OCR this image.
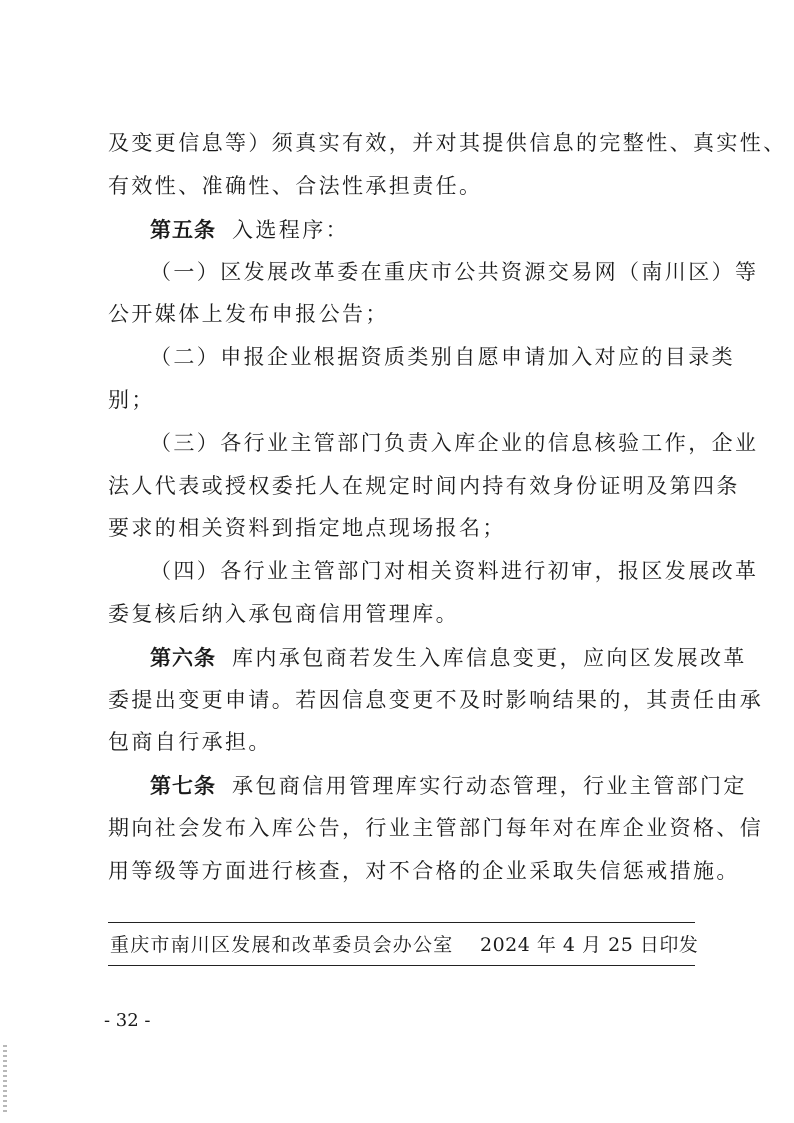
及变更信息等）须真实有效，并对其提供信息的完整性、真实性、
有效性、准确性、合法性承担责任。
第五条 入选程序：
（一）区发展改革委在重庆市公共资源交易网（南川区）等
公开媒体上发布申报公告；
（二）申报企业根据资质类别自愿申请加入对应的目录类
别；
（三）各行业主管部门负责入库企业的信息核验工作，企业
法人代表或授权委托人在规定时间内持有效身份证明及第四条
要求的相关资料到指定地点现场报名；
（四）各行业主管部门对相关资料进行初审，报区发展改革
委复核后纳入承包商信用管理库。
第六条 库内承包商若发生入库信息变更，应向区发展改革
委提出变更申请。若因信息变更不及时影响结果的，其责任由承
包商自行承担。
第七条 承包商信用管理库实行动态管理，行业主管部门定
期向社会发布入库公告，行业主管部门每年对在库企业资格、信
用等级等方面进行核查，对不合格的企业采取失信惩戒措施。
重庆市南川区发展和改革委员会办公室 2024 年 4 月 25 日印发
- 32 -
